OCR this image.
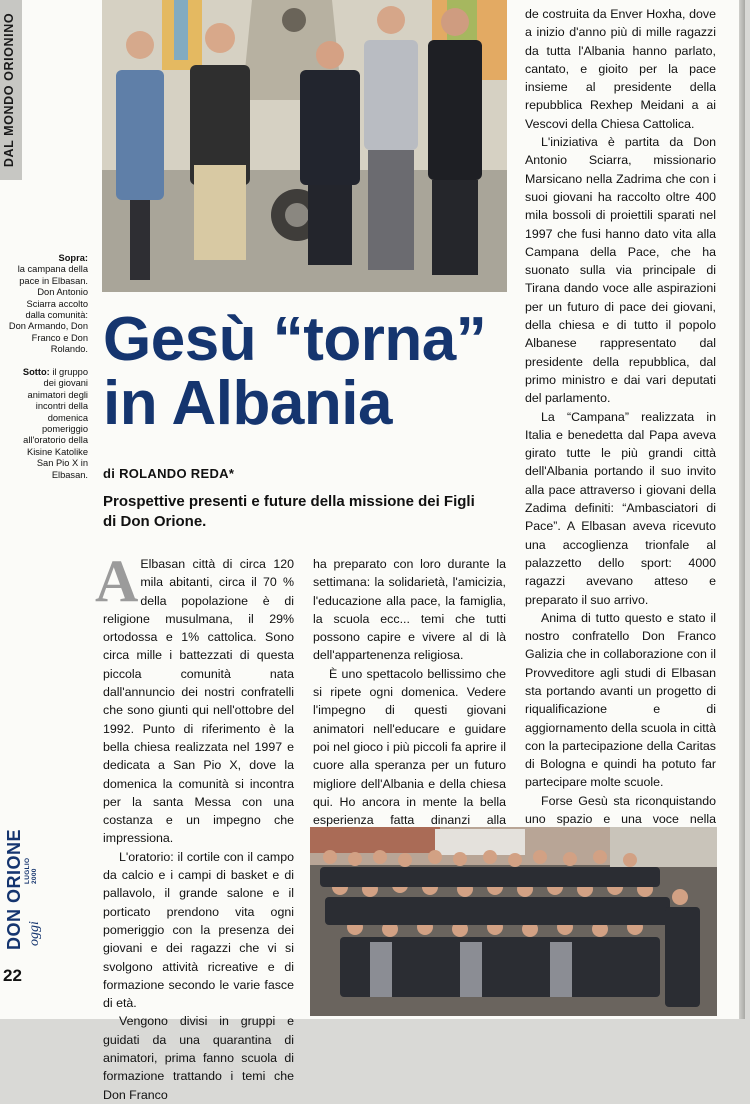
DAL MONDO ORIONINO
Sopra:
la campana della pace in Elbasan. Don Antonio Sciarra accolto dalla comunità: Don Armando, Don Franco e Don Rolando.
Sotto: il gruppo dei giovani animatori degli incontri della domenica pomeriggio all'oratorio della Kisine Katolike San Pio X in Elbasan.
Gesù “torna”
in Albania
di ROLANDO REDA*
Prospettive presenti e future della missione dei Figli di Don Orione.

A Elbasan città di circa 120 mila abitanti, circa il 70 % della popolazione è di religione musulmana, il 29% ortodossa e 1% cattolica. Sono circa mille i battezzati di questa piccola comunità nata dall'annuncio dei nostri confratelli che sono giunti qui nell'ottobre del 1992. Punto di riferimento è la bella chiesa realizzata nel 1997 e dedicata a San Pio X, dove la domenica la comunità si incontra per la santa Messa con una costanza e un impegno che impressiona.

L'oratorio: il cortile con il campo da calcio e i campi di basket e di pallavolo, il grande salone e il porticato prendono vita ogni pomeriggio con la presenza dei giovani e dei ragazzi che vi si svolgono attività ricreative e di formazione secondo le varie fasce di età.

Vengono divisi in gruppi e guidati da una quarantina di animatori, prima fanno scuola di formazione trattando i temi che Don Franco

ha preparato con loro durante la settimana: la solidarietà, l'amicizia, l'educazione alla pace, la famiglia, la scuola ecc... temi che tutti possono capire e vivere al di là dell'appartenenza religiosa.

È uno spettacolo bellissimo che si ripete ogni domenica. Vedere l'impegno di questi giovani animatori nell'educare e guidare poi nel gioco i più piccoli fa aprire il cuore alla speranza per un futuro migliore dell'Albania e della chiesa qui. Ho ancora in mente la bella esperienza fatta dinanzi alla

de costruita da Enver Hoxha, dove a inizio d'anno più di mille ragazzi da tutta l'Albania hanno parlato, cantato, e gioito per la pace insieme al presidente della repubblica Rexhep Meidani a ai Vescovi della Chiesa Cattolica.

L'iniziativa è partita da Don Antonio Sciarra, missionario Marsicano nella Zadrima che con i suoi giovani ha raccolto oltre 400 mila bossoli di proiettili sparati nel 1997 che fusi hanno dato vita alla Campana della Pace, che ha suonato sulla via principale di Tirana dando voce alle aspirazioni per un futuro di pace dei giovani, della chiesa e di tutto il popolo Albanese rappresentato dal presidente della repubblica, dal primo ministro e dai vari deputati del parlamento.

La “Campana” realizzata in Italia e benedetta dal Papa aveva girato tutte le più grandi città dell'Albania portando il suo invito alla pace attraverso i giovani della Zadima definiti: “Ambasciatori di Pace”. A Elbasan aveva ricevuto una accoglienza trionfale al palazzetto dello sport: 4000 ragazzi avevano atteso e preparato il suo arrivo.

Anima di tutto questo e stato il nostro confratello Don Franco Galizia che in collaborazione con il Provveditore agli studi di Elbasan sta portando avanti un progetto di riqualificazione e di aggiornamento della scuola in città con la partecipazione della Caritas di Bologna e quindi ha potuto far partecipare molte scuole.

Forse Gesù sta riconquistando uno spazio e una voce nella

DON ORIONE oggi
LUGLIO 2000
22
